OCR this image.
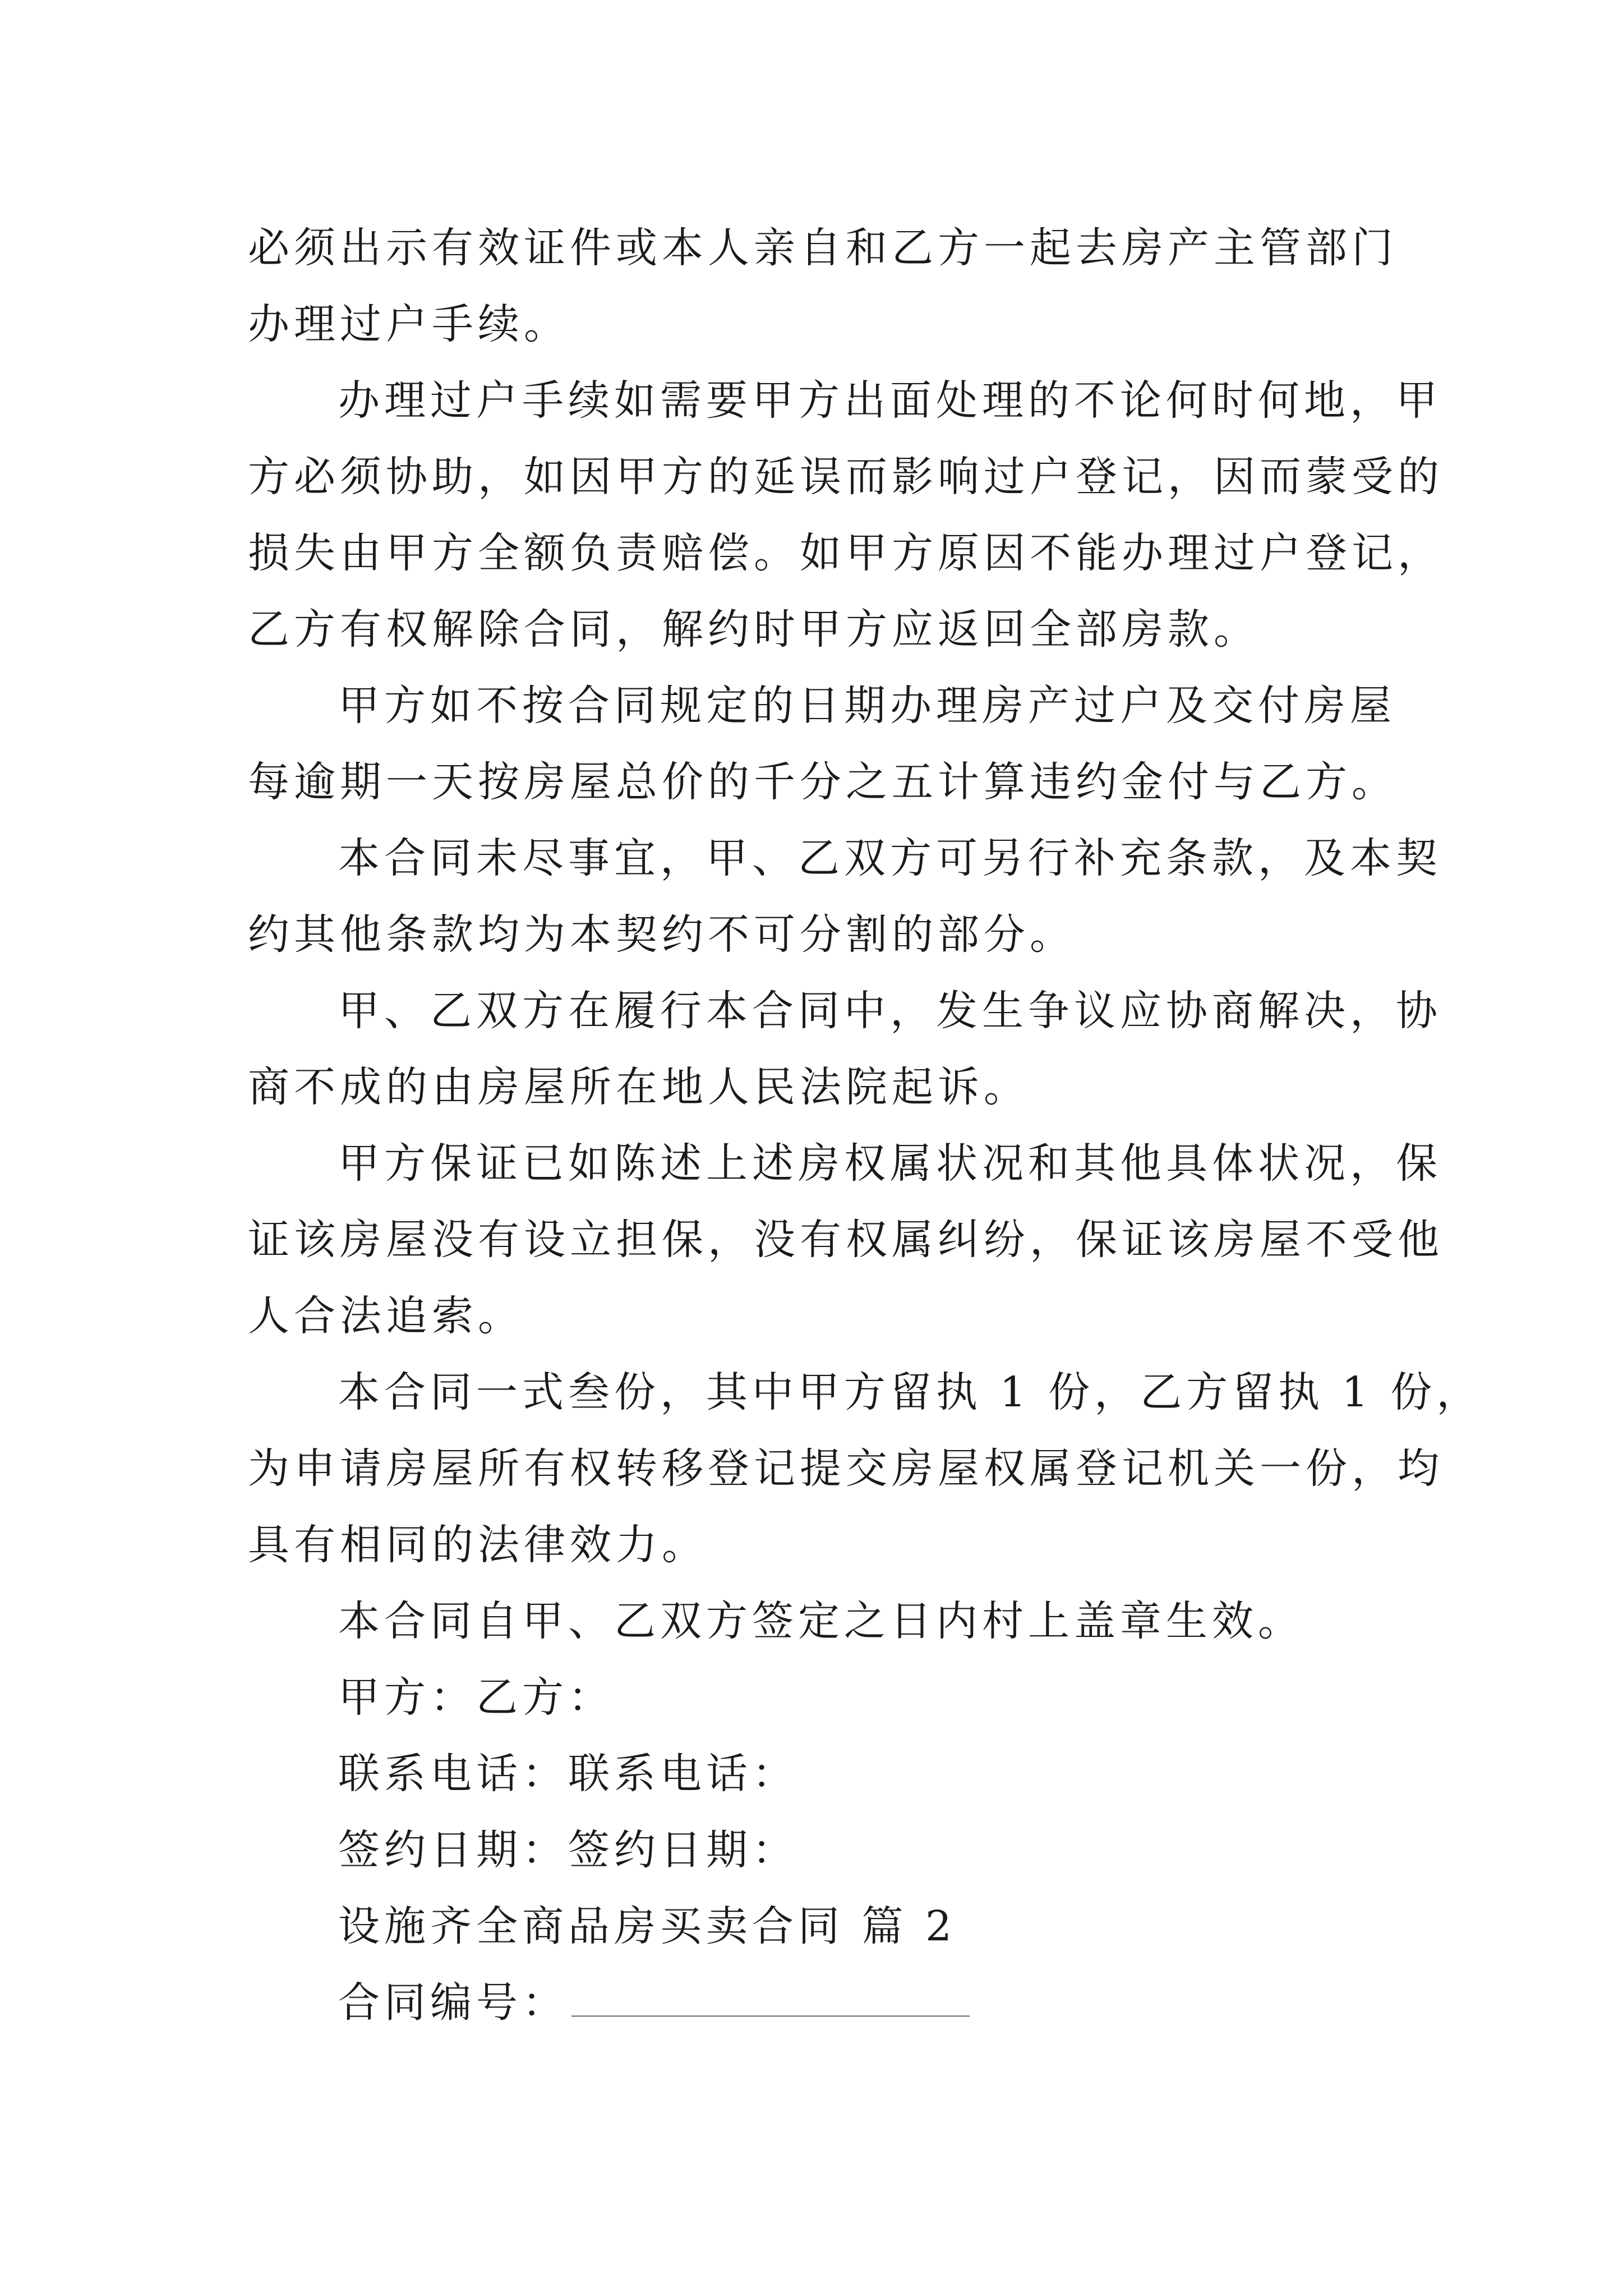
必须出示有效证件或本人亲自和乙方一起去房产主管部门
办理过户手续。
办理过户手续如需要甲方出面处理的不论何时何地，甲
方必须协助，如因甲方的延误而影响过户登记，因而蒙受的
损失由甲方全额负责赔偿。如甲方原因不能办理过户登记，
乙方有权解除合同，解约时甲方应返回全部房款。
甲方如不按合同规定的日期办理房产过户及交付房屋
每逾期一天按房屋总价的千分之五计算违约金付与乙方。
本合同未尽事宜，甲、乙双方可另行补充条款，及本契
约其他条款均为本契约不可分割的部分。
甲、乙双方在履行本合同中，发生争议应协商解决，协
商不成的由房屋所在地人民法院起诉。
甲方保证已如陈述上述房权属状况和其他具体状况，保
证该房屋没有设立担保，没有权属纠纷，保证该房屋不受他
人合法追索。
本合同一式叁份，其中甲方留执 1 份，乙方留执 1 份，
为申请房屋所有权转移登记提交房屋权属登记机关一份，均
具有相同的法律效力。
本合同自甲、乙双方签定之日内村上盖章生效。
甲方：乙方：
联系电话：联系电话：
签约日期：签约日期：
设施齐全商品房买卖合同 篇 2
合同编号：
